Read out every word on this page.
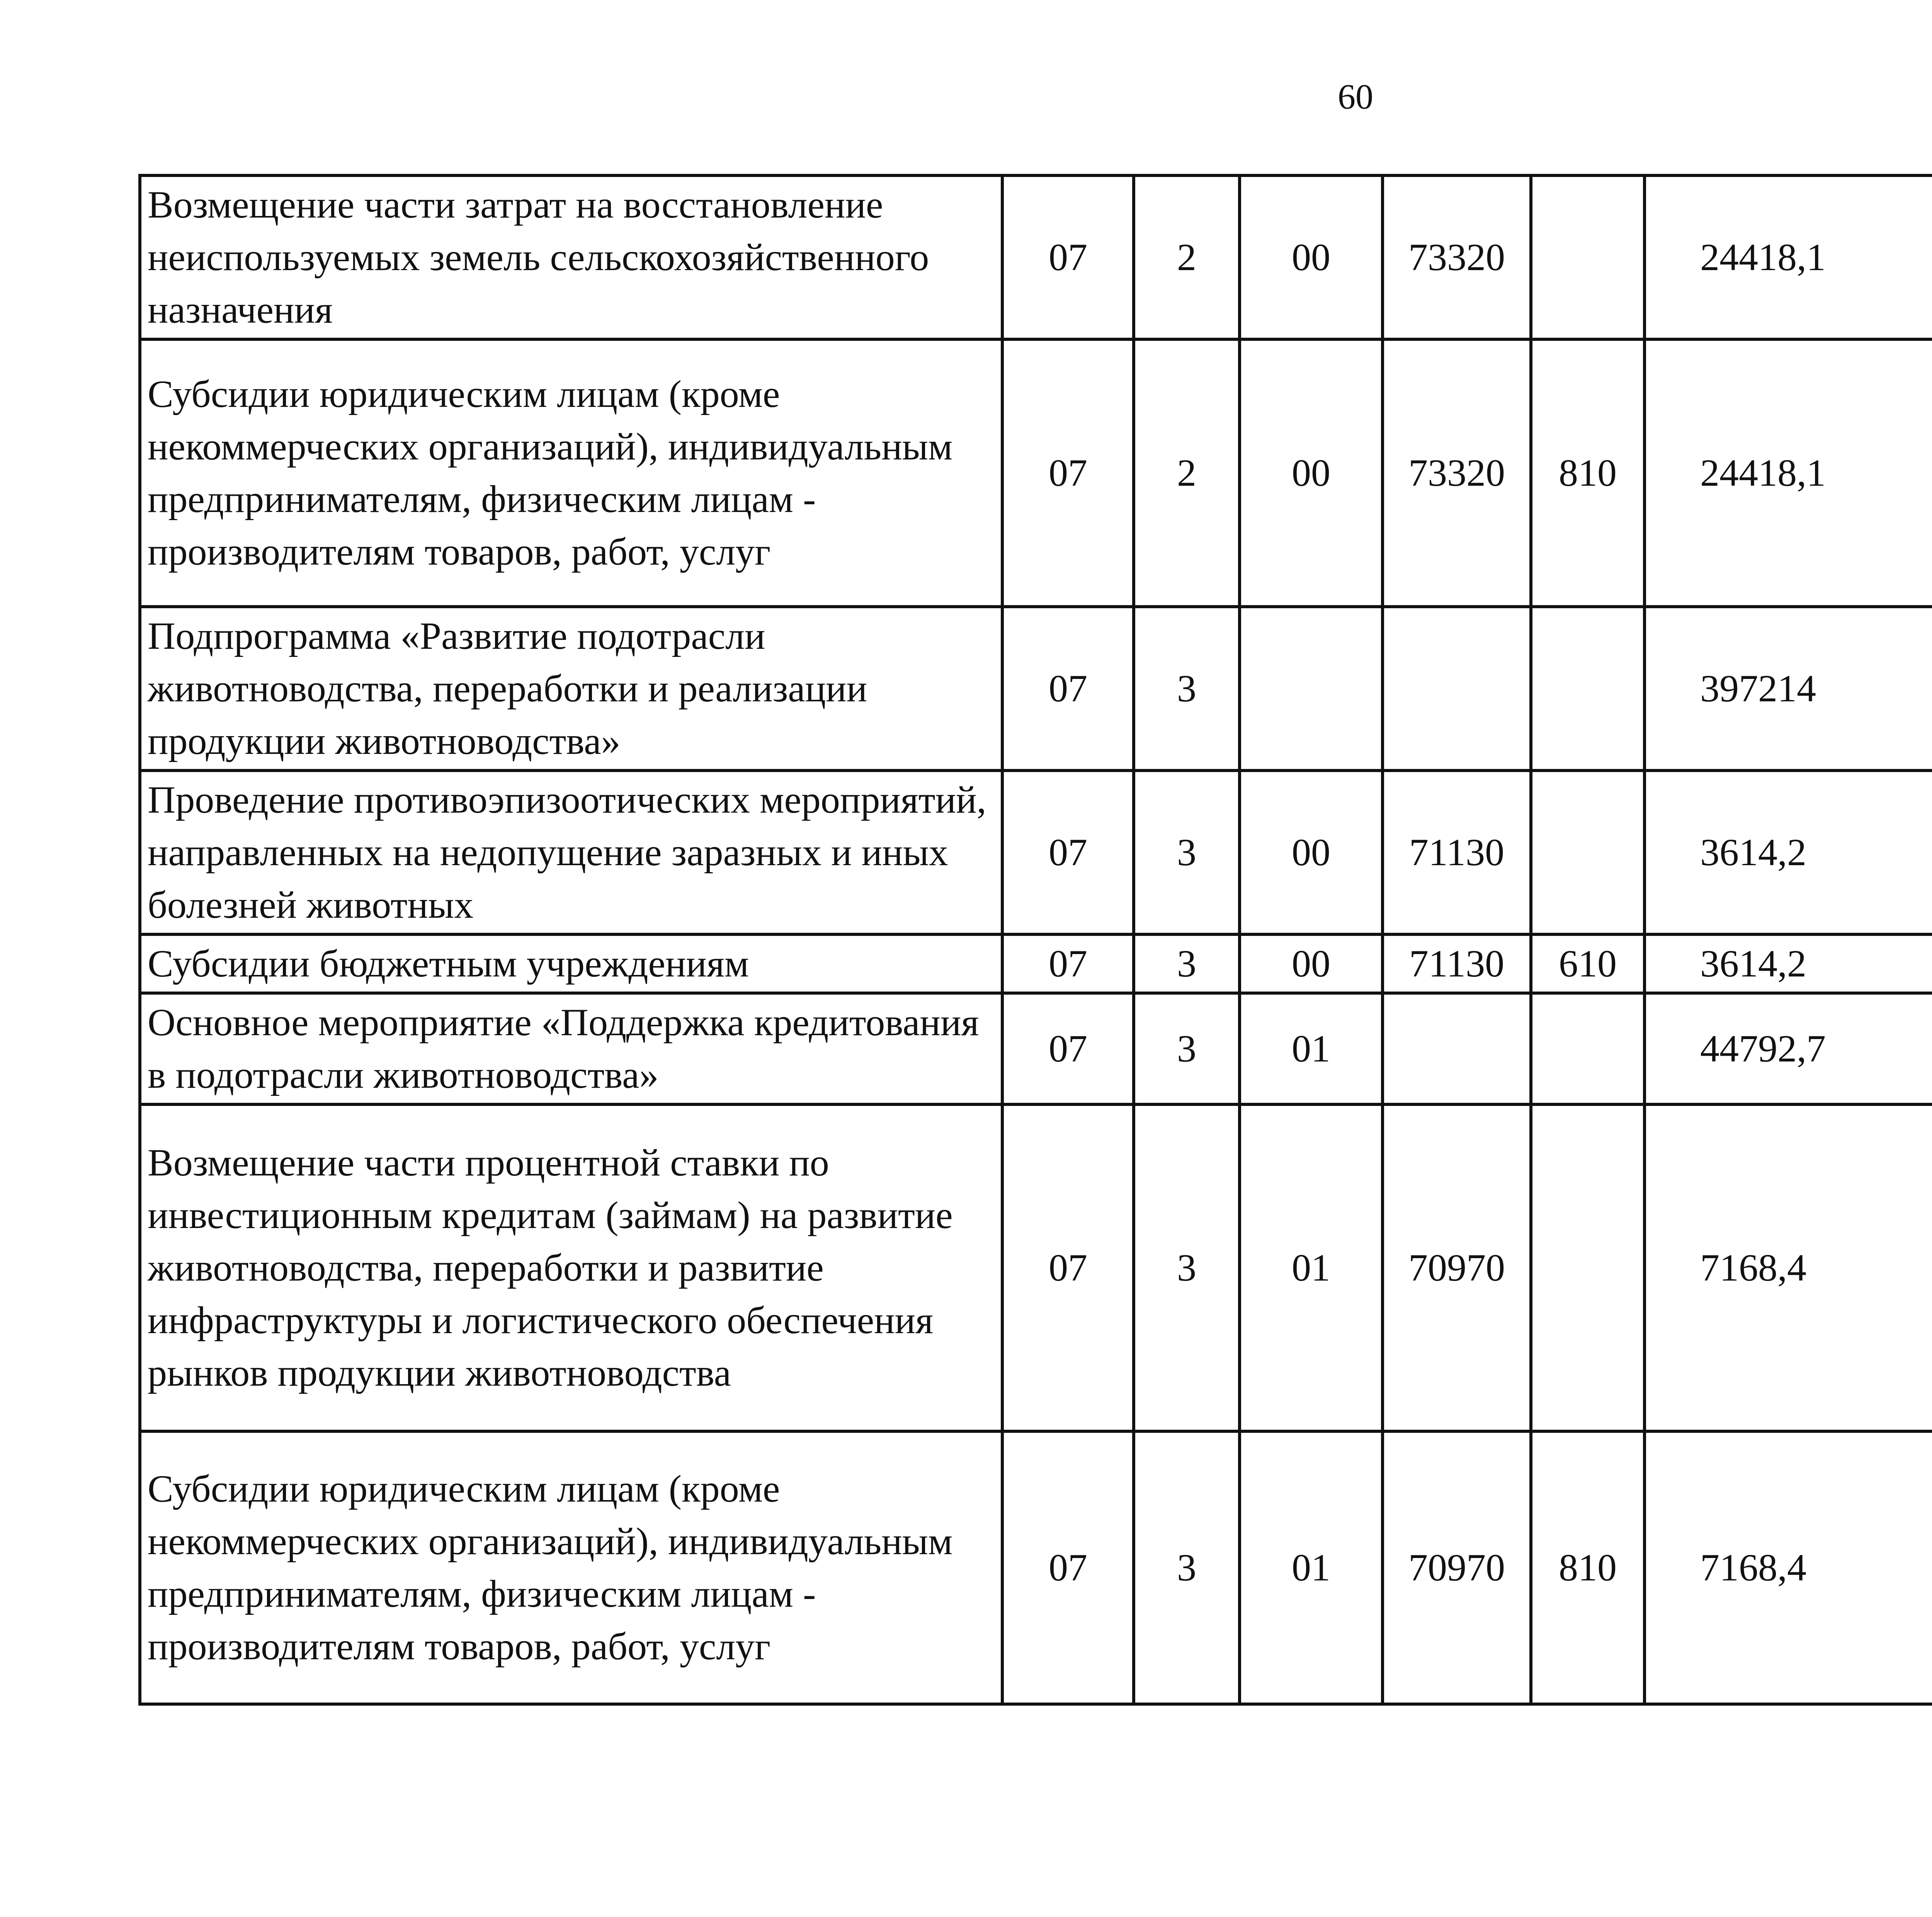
60
Возмещение части затрат на восстановление неиспользуемых земель сельскохозяйственного назначения	07	2	00	73320		24418,1		
Субсидии юридическим лицам (кроме некоммерческих организаций), индивидуальным предпринимателям, физическим лицам - производителям товаров, работ, услуг	07	2	00	73320	810	24418,1		
Подпрограмма «Развитие подотрасли животноводства, переработки и реализации продукции животноводства»	07	3				397214		
Проведение противоэпизоотических мероприятий, направленных на недопущение заразных и иных болезней животных	07	3	00	71130		3614,2		
Субсидии бюджетным учреждениям	07	3	00	71130	610	3614,2		
Основное мероприятие «Поддержка кредитования в подотрасли животноводства»	07	3	01			44792,7		
Возмещение части процентной ставки по инвестиционным кредитам (займам) на развитие животноводства, переработки и развитие инфраструктуры и логистического обеспечения рынков продукции животноводства	07	3	01	70970		7168,4		
Субсидии юридическим лицам (кроме некоммерческих организаций), индивидуальным предпринимателям, физическим лицам - производителям товаров, работ, услуг	07	3	01	70970	810	7168,4		
